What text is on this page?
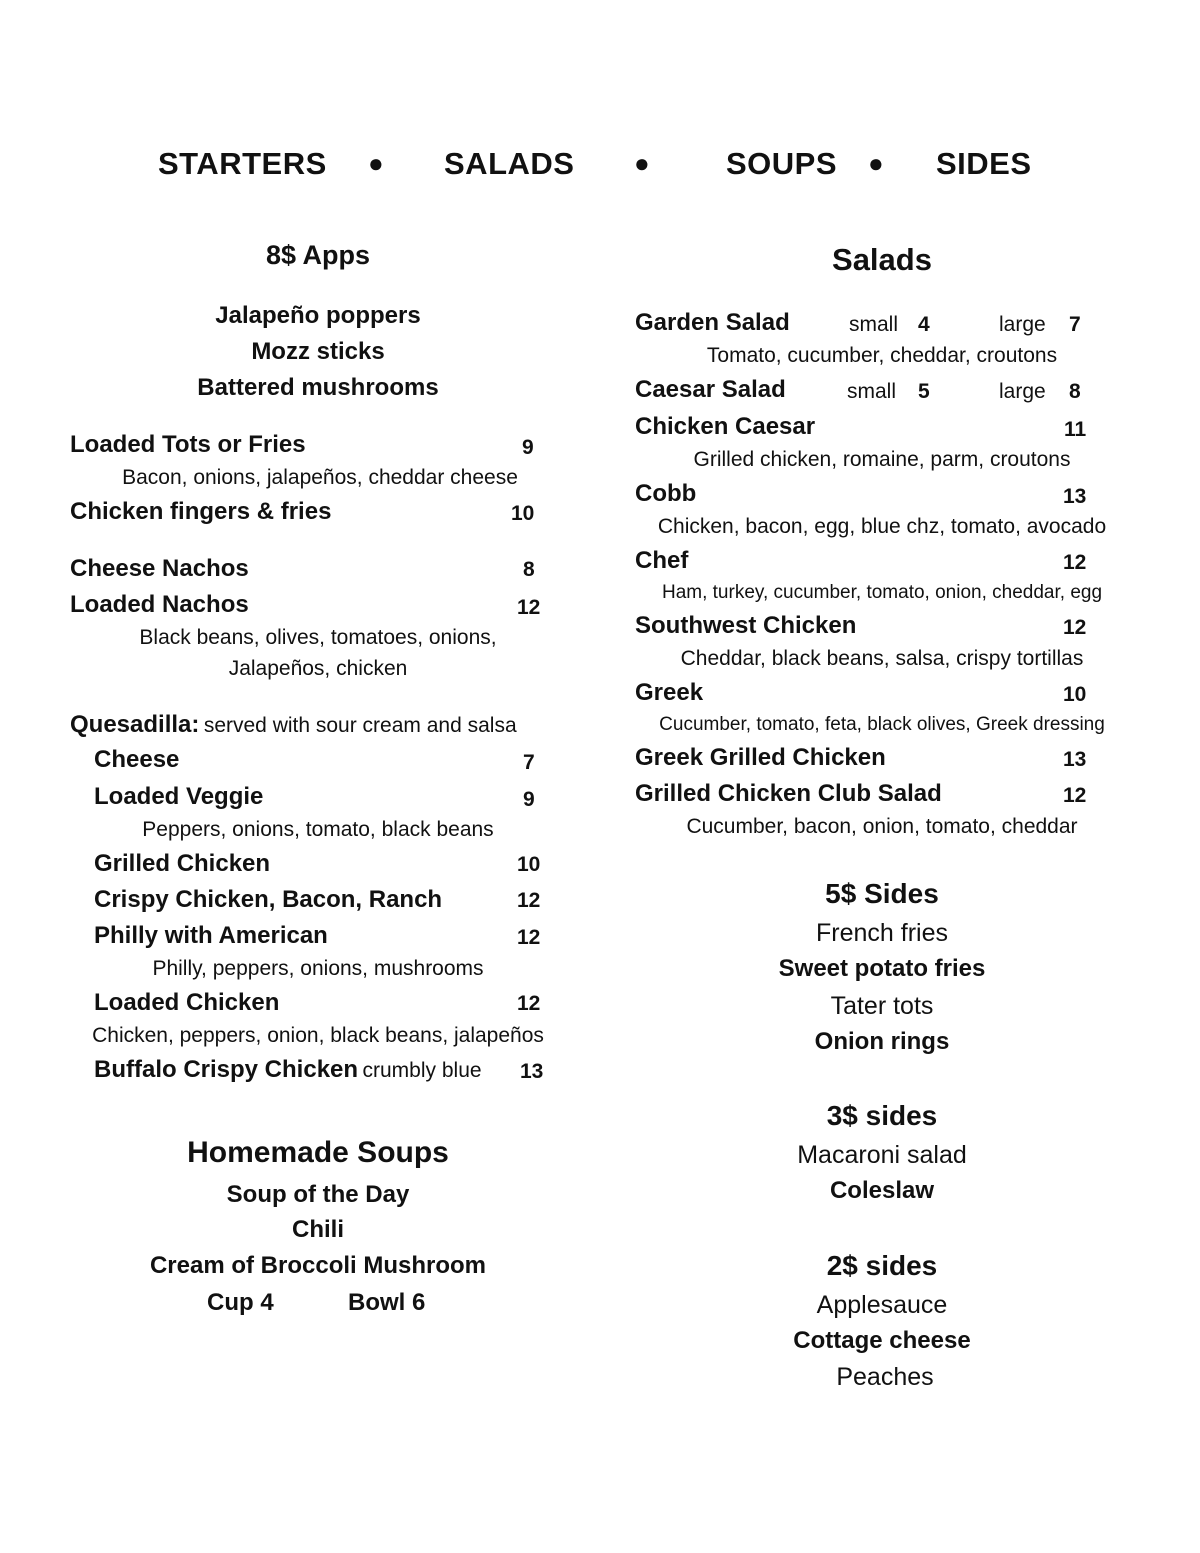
STARTERS ● SALADS ● SOUPS ● SIDES
8$ Apps
Jalapeño poppers
Mozz sticks
Battered mushrooms
Loaded Tots or Fries	9
Bacon, onions, jalapeños, cheddar cheese
Chicken fingers & fries	10
Cheese Nachos	8
Loaded Nachos	12
Black beans, olives, tomatoes, onions,
Jalapeños, chicken
Quesadilla: served with sour cream and salsa
Cheese	7
Loaded Veggie	9
Peppers, onions, tomato, black beans
Grilled Chicken	10
Crispy Chicken, Bacon, Ranch	12
Philly with American	12
Philly, peppers, onions, mushrooms
Loaded Chicken	12
Chicken, peppers, onion, black beans, jalapeños
Buffalo Crispy Chicken crumbly blue 13
Homemade Soups
Soup of the Day
Chili
Cream of Broccoli Mushroom
Cup 4	Bowl 6
Salads
Garden Salad	small 4	large 7
Tomato, cucumber, cheddar, croutons
Caesar Salad	small 5	large 8
Chicken Caesar	11
Grilled chicken, romaine, parm, croutons
Cobb	13
Chicken, bacon, egg, blue chz, tomato, avocado
Chef	12
Ham, turkey, cucumber, tomato, onion, cheddar, egg
Southwest Chicken	12
Cheddar, black beans, salsa, crispy tortillas
Greek	10
Cucumber, tomato, feta, black olives, Greek dressing
Greek Grilled Chicken	13
Grilled Chicken Club Salad	12
Cucumber, bacon, onion, tomato, cheddar
5$ Sides
French fries
Sweet potato fries
Tater tots
Onion rings
3$ sides
Macaroni salad
Coleslaw
2$ sides
Applesauce
Cottage cheese
Peaches
